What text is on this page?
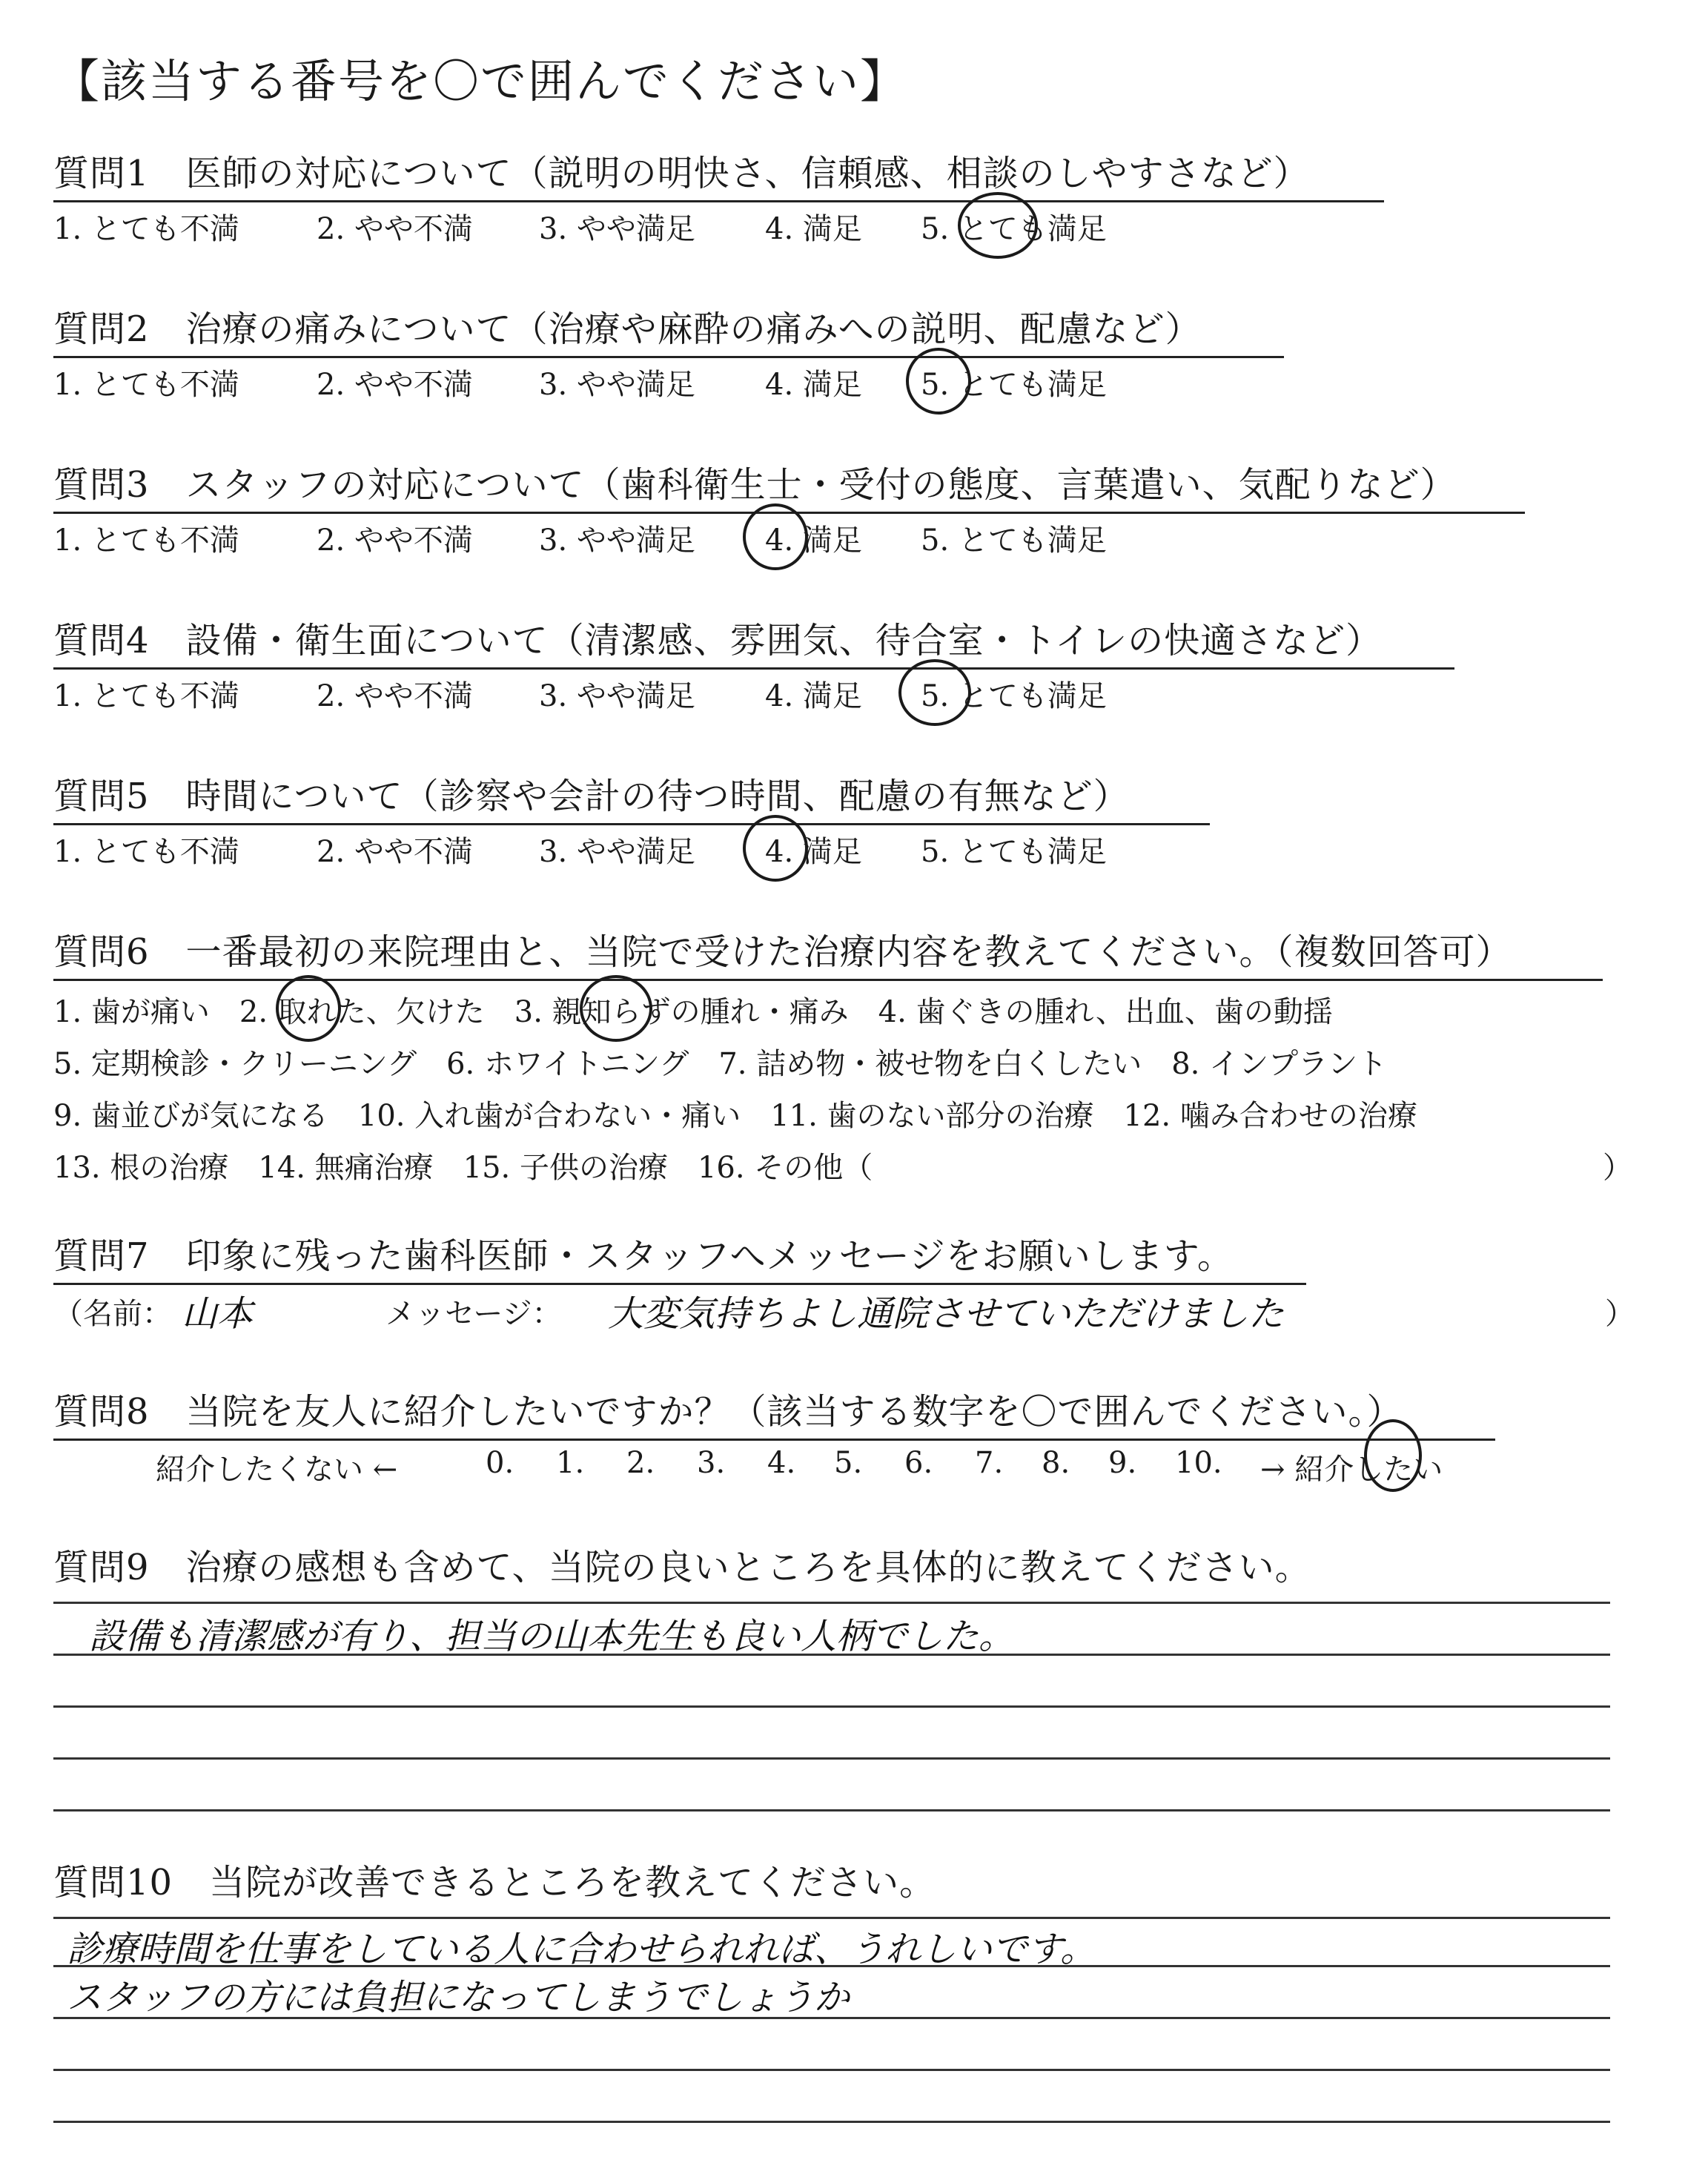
【該当する番号を〇で囲んでください】
質問1　医師の対応について（説明の明快さ、信頼感、相談のしやすさなど）
1. とても不満	2. やや不満 3. やや満足 4. 満足 5. とても満足
質問2　治療の痛みについて（治療や麻酔の痛みへの説明、配慮など）
1. とても不満	2. やや不満 3. やや満足 4. 満足 5. とても満足
質問3　スタッフの対応について（歯科衛生士・受付の態度、言葉遣い、気配りなど）
1. とても不満	2. やや不満 3. やや満足 4. 満足 5. とても満足
質問4　設備・衛生面について（清潔感、雰囲気、待合室・トイレの快適さなど）
1. とても不満	2. やや不満 3. やや満足 4. 満足 5. とても満足
質問5　時間について（診察や会計の待つ時間、配慮の有無など）
1. とても不満	2. やや不満 3. やや満足 4. 満足 5. とても満足
質問6　一番最初の来院理由と、当院で受けた治療内容を教えてください。（複数回答可）
1. 歯が痛い　2. 取れた、欠けた　3. 親知らずの腫れ・痛み　4. 歯ぐきの腫れ、出血、歯の動揺
5. 定期検診・クリーニング　6. ホワイトニング　7. 詰め物・被せ物を白くしたい　8. インプラント
9. 歯並びが気になる　10. 入れ歯が合わない・痛い　11. 歯のない部分の治療　12. 噛み合わせの治療
13. 根の治療　14. 無痛治療　15. 子供の治療　16. その他（	）
質問7　印象に残った歯科医師・スタッフへメッセージをお願いします。
（名前： 山本	メッセージ： 大変気持ちよし通院させていただけました	）
質問8　当院を友人に紹介したいですか？（該当する数字を〇で囲んでください。）
紹介したくない ←	0. 1. 2. 3. 4. 5. 6. 7. 8. 9. 10. → 紹介したい
質問9　治療の感想も含めて、当院の良いところを具体的に教えてください。
設備も清潔感が有り、担当の山本先生も良い人柄でした。
質問10　当院が改善できるところを教えてください。
診療時間を仕事をしている人に合わせられれば、うれしいです。
スタッフの方には負担になってしまうでしょうか
